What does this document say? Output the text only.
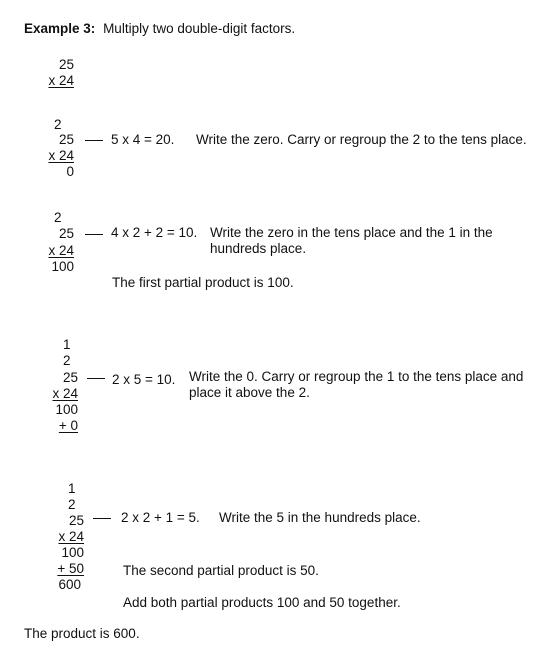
Example 3: Multiply two double-digit factors.
25
x 24
2
25
x 24
0
5 x 4 = 20. Write the zero. Carry or regroup the 2 to the tens place.
2
25
x 24
100
4 x 2 + 2 = 10. Write the zero in the tens place and the 1 in the
hundreds place.
The first partial product is 100.
1
2
25
x 24
100
+ 0
2 x 5 = 10. Write the 0. Carry or regroup the 1 to the tens place and
place it above the 2.
1
2
25
x 24
100
+ 50
600
2 x 2 + 1 = 5. Write the 5 in the hundreds place.
The second partial product is 50.
Add both partial products 100 and 50 together.
The product is 600.
